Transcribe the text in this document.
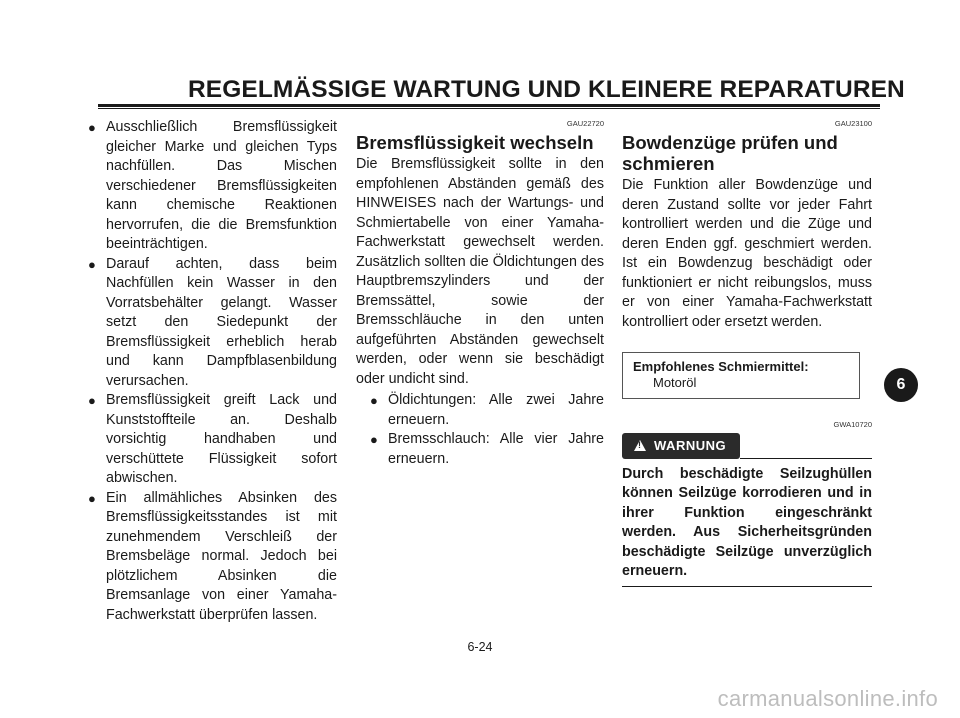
REGELMÄSSIGE WARTUNG UND KLEINERE REPARATUREN
● Ausschließlich Bremsflüssigkeit gleicher Marke und gleichen Typs nachfüllen. Das Mischen verschiedener Bremsflüssigkeiten kann chemische Reaktionen hervorrufen, die die Bremsfunktion beeinträchtigen.
● Darauf achten, dass beim Nachfüllen kein Wasser in den Vorratsbehälter gelangt. Wasser setzt den Siedepunkt der Bremsflüssigkeit erheblich herab und kann Dampfblasenbildung verursachen.
● Bremsflüssigkeit greift Lack und Kunststoffteile an. Deshalb vorsichtig handhaben und verschüttete Flüssigkeit sofort abwischen.
● Ein allmähliches Absinken des Bremsflüssigkeitsstandes ist mit zunehmendem Verschleiß der Bremsbeläge normal. Jedoch bei plötzlichem Absinken die Bremsanlage von einer Yamaha-Fachwerkstatt überprüfen lassen.
GAU22720
Bremsflüssigkeit wechseln

Die Bremsflüssigkeit sollte in den empfohlenen Abständen gemäß des HINWEISES nach der Wartungs- und Schmiertabelle von einer Yamaha-Fachwerkstatt gewechselt werden. Zusätzlich sollten die Öldichtungen des Hauptbremszylinders und der Bremssättel, sowie der Bremsschläuche in den unten aufgeführten Abständen gewechselt werden, oder wenn sie beschädigt oder undicht sind.

● Öldichtungen: Alle zwei Jahre erneuern.
● Bremsschlauch: Alle vier Jahre erneuern.
GAU23100
Bowdenzüge prüfen und schmieren

Die Funktion aller Bowdenzüge und deren Zustand sollte vor jeder Fahrt kontrolliert werden und die Züge und deren Enden ggf. geschmiert werden. Ist ein Bowdenzug beschädigt oder funktioniert er nicht reibungslos, muss er von einer Yamaha-Fachwerkstatt kontrolliert oder ersetzt werden.

Empfohlenes Schmiermittel:
Motoröl
GWA10720
!
WARNUNG

Durch beschädigte Seilzughüllen können Seilzüge korrodieren und in ihrer Funktion eingeschränkt werden. Aus Sicherheitsgründen beschädigte Seilzüge unverzüglich erneuern.

6
6-24
carmanualsonline.info
